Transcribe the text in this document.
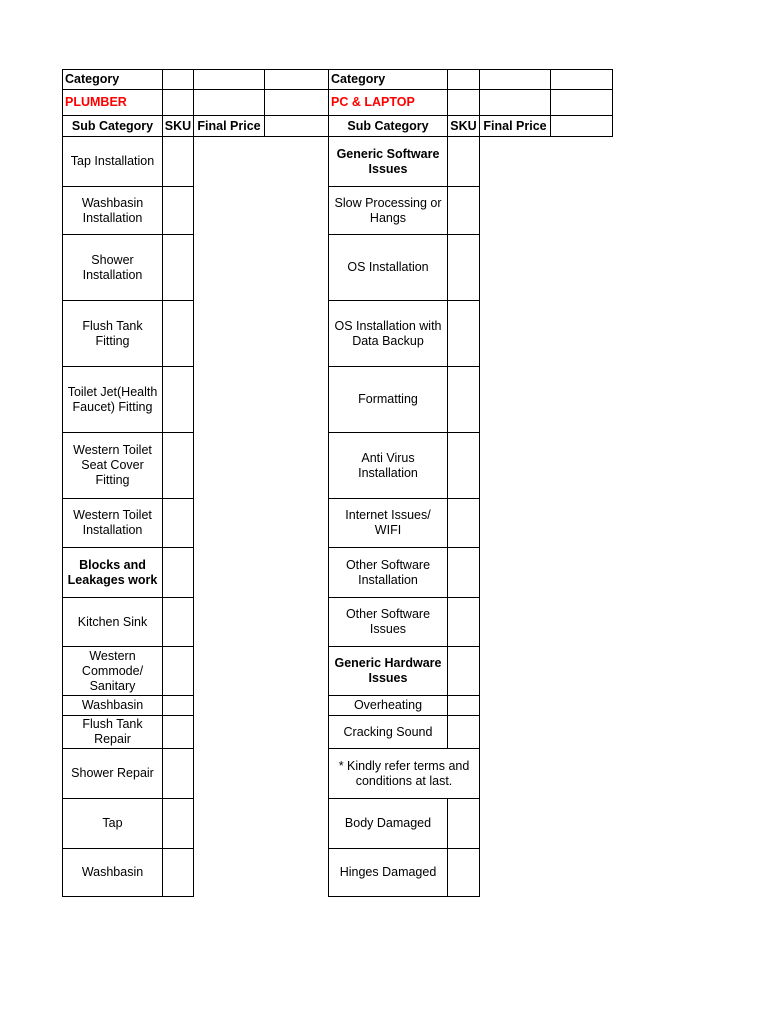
Category
PLUMBER
Sub Category SKU Final Price
Tap Installation
Washbasin Installation
Shower Installation
Flush Tank Fitting
Toilet Jet(Health Faucet) Fitting
Western Toilet Seat Cover Fitting
Western Toilet Installation
Blocks and Leakages work
Kitchen Sink
Western Commode/ Sanitary
Washbasin
Flush Tank Repair
Shower Repair
Tap
Washbasin
Category
PC & LAPTOP
Sub Category	SKU Final Price
Generic Software Issues
Slow Processing or Hangs
OS Installation
OS Installation with Data Backup
Formatting
Anti Virus Installation
Internet Issues/ WIFI
Other Software Installation
Other Software Issues
Generic Hardware Issues
Overheating
Cracking Sound
* Kindly refer terms and conditions at last.
Body Damaged
Hinges Damaged
